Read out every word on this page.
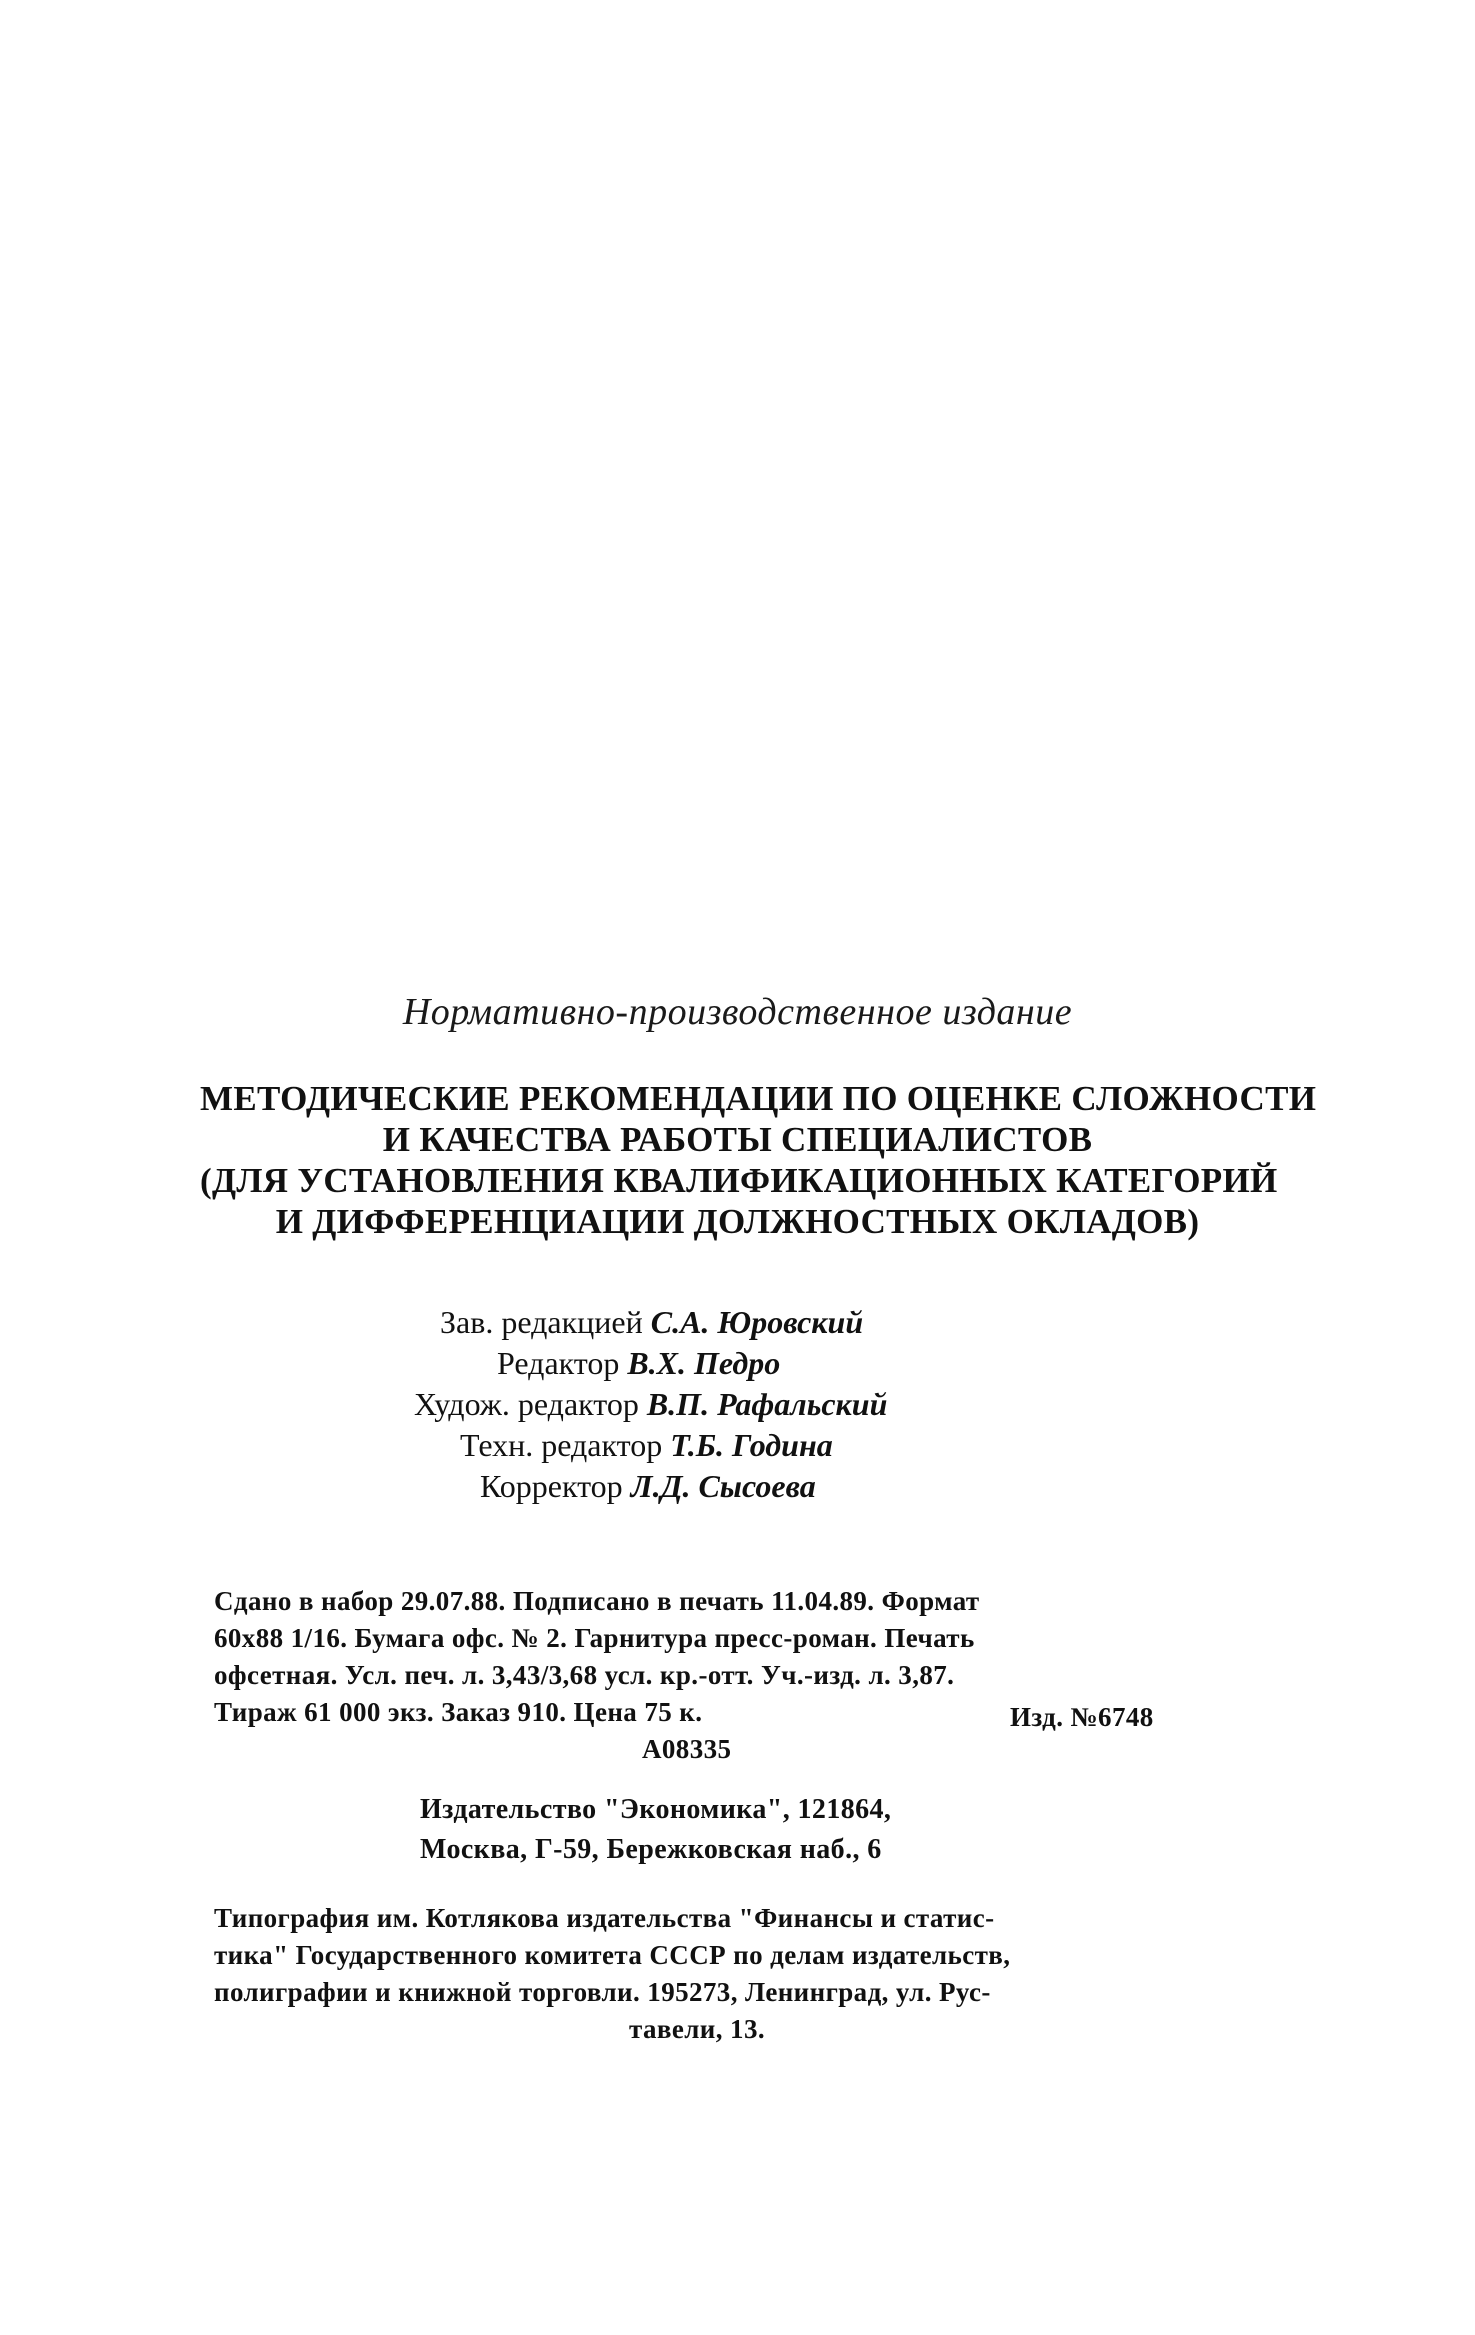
Нормативно-производственное издание
МЕТОДИЧЕСКИЕ РЕКОМЕНДАЦИИ ПО ОЦЕНКЕ СЛОЖНОСТИ
И КАЧЕСТВА РАБОТЫ СПЕЦИАЛИСТОВ
(ДЛЯ УСТАНОВЛЕНИЯ КВАЛИФИКАЦИОННЫХ КАТЕГОРИЙ
И ДИФФЕРЕНЦИАЦИИ ДОЛЖНОСТНЫХ ОКЛАДОВ)
Зав. редакцией С.А. Юровский
Редактор В.Х. Педро
Худож. редактор В.П. Рафальский
Техн. редактор Т.Б. Година
Корректор Л.Д. Сысоева
Сдано в набор 29.07.88. Подписано в печать 11.04.89. Формат
60х88 1/16. Бумага офс. № 2. Гарнитура пресс-роман. Печать
офсетная. Усл. печ. л. 3,43/3,68 усл. кр.-отт. Уч.-изд. л. 3,87.
Тираж 61 000 экз. Заказ 910. Цена 75 к.	Изд. №6748
А08335
Издательство "Экономика", 121864,
Москва, Г-59, Бережковская наб., 6
Типография им. Котлякова издательства "Финансы и статис-
тика" Государственного комитета СССР по делам издательств,
полиграфии и книжной торговли. 195273, Ленинград, ул. Рус-
тавели, 13.
